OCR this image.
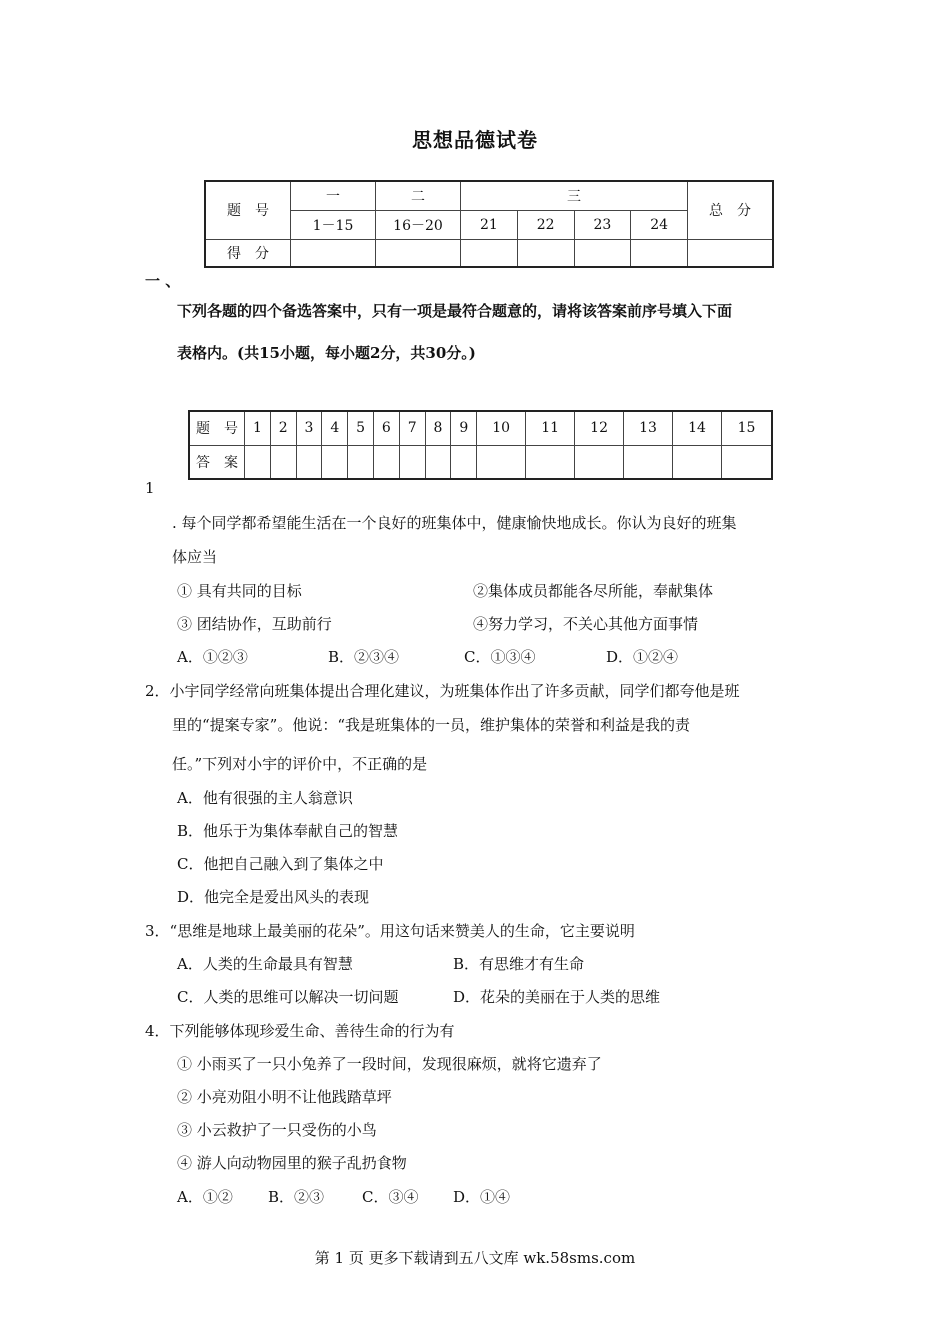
思想品德试卷
题　号	一	二	三				总　分
	1－15	16－20	21	22	23	24	
得　分							
一 、
下列各题的四个备选答案中，只有一项是最符合题意的，请将该答案前序号填入下面
表格内。(共15小题，每小题2分，共30分。)
题　号	1	2	3	4	5	6	7	8	9	10	11	12	13	14	15
答　案															
1
. 每个同学都希望能生活在一个良好的班集体中，健康愉快地成长。你认为良好的班集
体应当
① 具有共同的目标	②集体成员都能各尽所能，奉献集体
③ 团结协作，互助前行	④努力学习，不关心其他方面事情
A．①②③	B．②③④	C．①③④	D．①②④
2．小宇同学经常向班集体提出合理化建议，为班集体作出了许多贡献，同学们都夸他是班
里的“提案专家”。他说：“我是班集体的一员，维护集体的荣誉和利益是我的责
任。”下列对小宇的评价中，不正确的是
A．他有很强的主人翁意识
B．他乐于为集体奉献自己的智慧
C．他把自己融入到了集体之中
D．他完全是爱出风头的表现
3．“思维是地球上最美丽的花朵”。用这句话来赞美人的生命，它主要说明
A．人类的生命最具有智慧	B．有思维才有生命
C．人类的思维可以解决一切问题	D．花朵的美丽在于人类的思维
4．下列能够体现珍爱生命、善待生命的行为有
① 小雨买了一只小兔养了一段时间，发现很麻烦，就将它遗弃了
② 小亮劝阻小明不让他践踏草坪
③ 小云救护了一只受伤的小鸟
④ 游人向动物园里的猴子乱扔食物
A．①② B．②③	C．③④ D．①④
第 1 页 更多下载请到五八文库 wk.58sms.com
